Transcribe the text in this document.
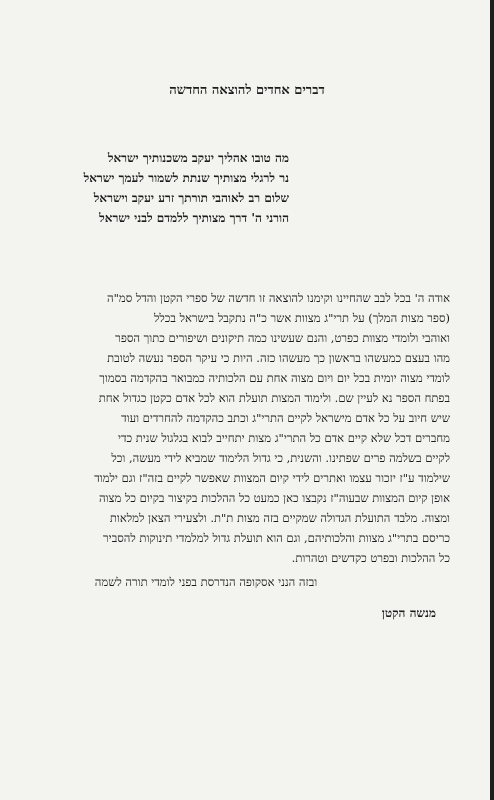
דברים אחדים להוצאה החדשה
מה טובו אהליך יעקב משכנותיך ישראל
נר לרגלי מצותיך שנתת לשמור לעמך ישראל
שלום רב לאוהבי תורתך זרע יעקב וישראל
הורני ה' דרך מצותיך ללמדם לבני ישראל
אודה ה' בכל לבב שהחיינו וקימנו להוצאה זו חדשה של ספרי הקטן והדל סמ"ה
(ספר מצות המלך) על תרי"ג מצוות אשר כ"ה נתקבל בישראל בכלל
ואוהבי ולומדי מצוות כפרט, והנם שעשינו כמה תיקונים ושיפורים כתוך הספר
מהו בעצם כמעשהו בראשון כך מעשהו כזה. היות כי עיקר הספר נעשה לטובת
לומדי מצוה יומית בכל יום ויום מצוה אחת עם הלכותיה כמבואר בהקדמה בסמוך
בפתח הספר נא לעיין שם. ולימוד המצות תועלת הוא לכל אדם כקטן כגדול אחת
שיש חיוב על כל אדם מישראל לקיים התרי"ג וכתב כהקדמה להחרדים ועוד
מחברים דכל שלא קיים אדם כל התרי"ג מצות יתחייב לבוא בגלגול שנית כדי
לקיים בשלמה פרים שפתינו. והשנית, כי גדול הלימוד שמביא לידי מעשה, וכל
שילמוד ע"ז יזכור עצמו ואתרים לידי קיום המצוות שאפשר לקיים בזה"ז וגם ילמוד
אופן קיום המצוות שבעוה"ז נקבצו כאן כמעט כל ההלכות בקיצור בקיום כל מצוה
ומצוה. מלבד התועלת הגדולה שמקיים בזה מצות ת"ת. ולצעירי הצאן למלאות
כריסם בתרי"ג מצוות והלכותיהם, וגם הוא תועלת גדול למלמדי תינוקות להסביר
כל ההלכות ובפרט כקדשים וטהרות.
ובזה הנני אסקופה הנדרסת בפני לומדי תורה לשמה
מנשה הקטן
